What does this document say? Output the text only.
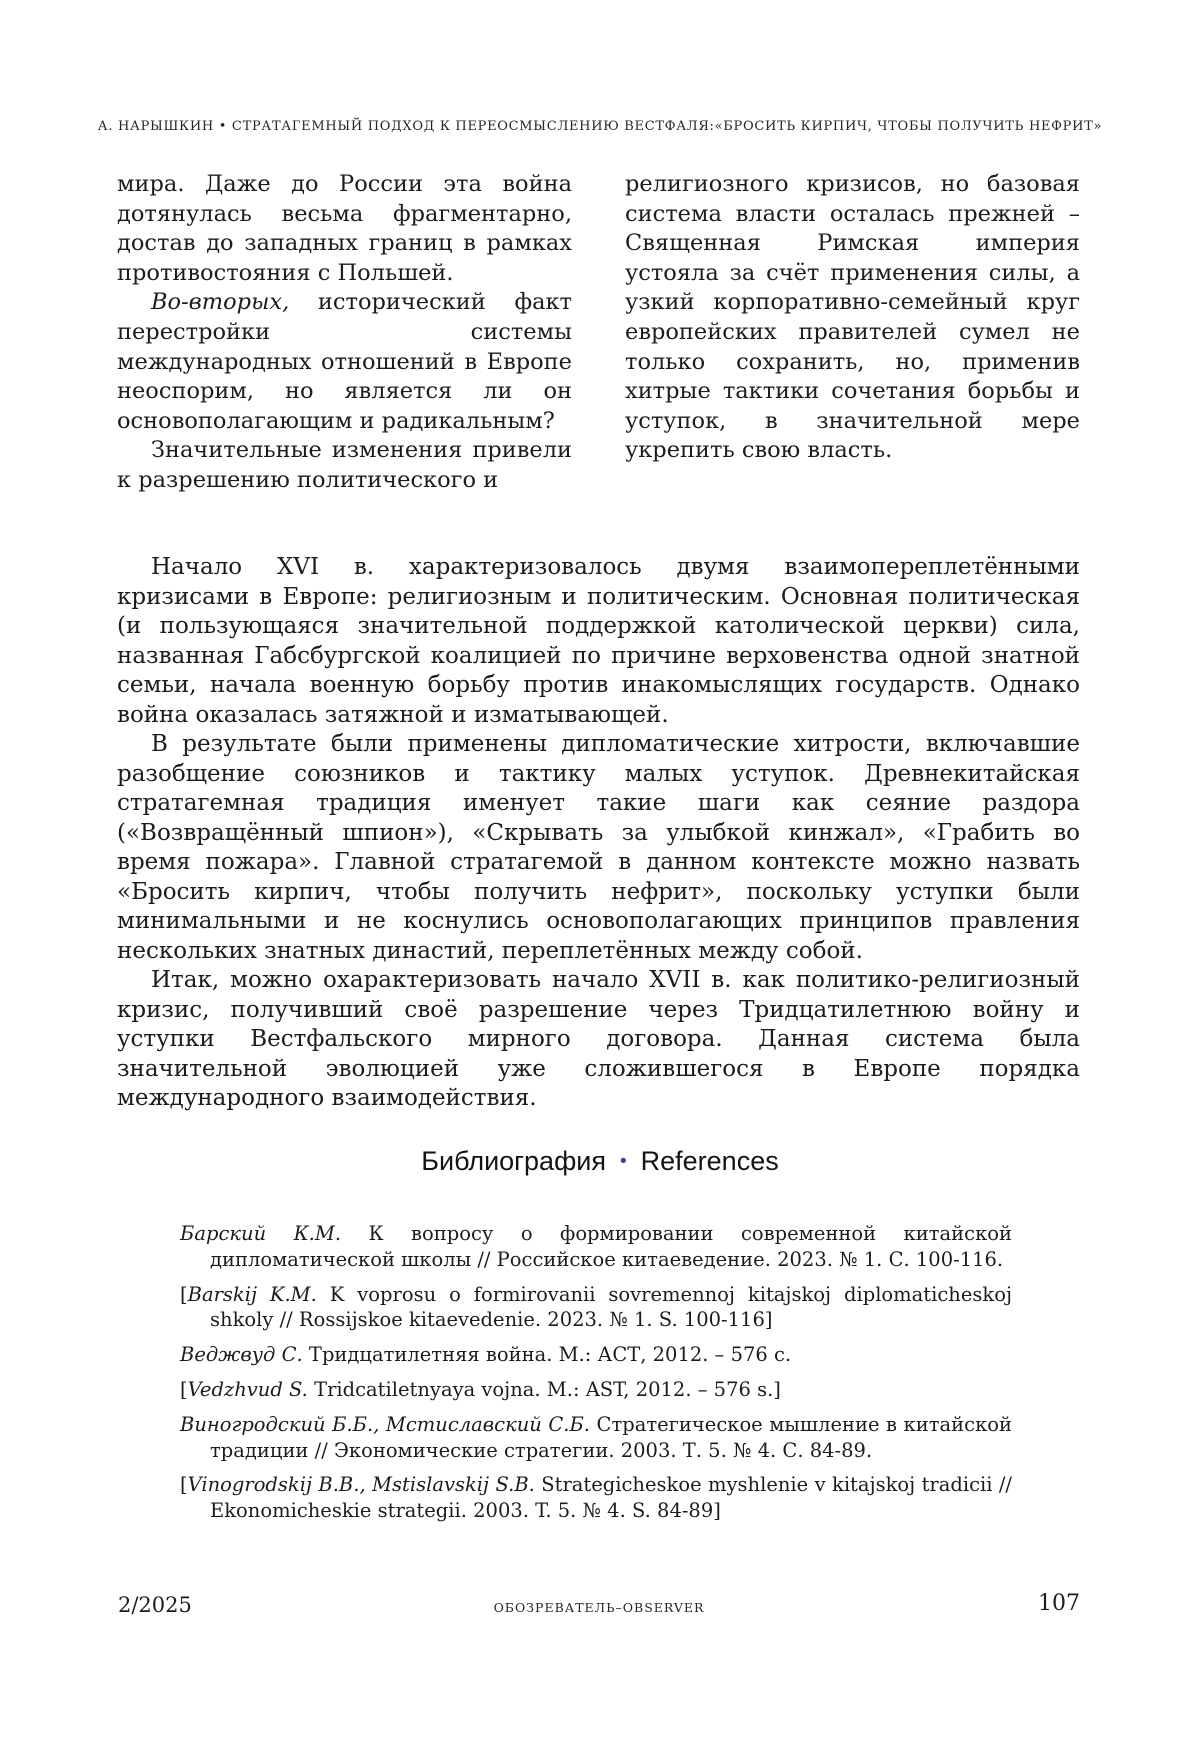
А. НАРЫШКИН • СТРАТАГЕМНЫЙ ПОДХОД К ПЕРЕОСМЫСЛЕНИЮ ВЕСТФАЛЯ:«БРОСИТЬ КИРПИЧ, ЧТОБЫ ПОЛУЧИТЬ НЕФРИТ»

мира. Даже до России эта война дотянулась весьма фрагментарно, достав до западных границ в рамках противостояния с Польшей.

Во-вторых, исторический факт перестройки системы международных отношений в Европе неоспорим, но является ли он основополагающим и радикальным?

Значительные изменения привели к разрешению политического и

религиозного кризисов, но базовая система власти осталась прежней – Священная Римская империя устояла за счёт применения силы, а узкий корпоративно-семейный круг европейских правителей сумел не только сохранить, но, применив хитрые тактики сочетания борьбы и уступок, в значительной мере укрепить свою власть.

Начало XVI в. характеризовалось двумя взаимопереплетёнными кризисами в Европе: религиозным и политическим. Основная политическая (и пользующаяся значительной поддержкой католической церкви) сила, названная Габсбургской коалицией по причине верховенства одной знатной семьи, начала военную борьбу против инакомыслящих государств. Однако война оказалась затяжной и изматывающей.

В результате были применены дипломатические хитрости, включавшие разобщение союзников и тактику малых уступок. Древнекитайская стратагемная традиция именует такие шаги как сеяние раздора («Возвращённый шпион»), «Скрывать за улыбкой кинжал», «Грабить во время пожара». Главной стратагемой в данном контексте можно назвать «Бросить кирпич, чтобы получить нефрит», поскольку уступки были минимальными и не коснулись основополагающих принципов правления нескольких знатных династий, переплетённых между собой.

Итак, можно охарактеризовать начало XVII в. как политико-религиозный кризис, получивший своё разрешение через Тридцатилетнюю войну и уступки Вестфальского мирного договора. Данная система была значительной эволюцией уже сложившегося в Европе порядка международного взаимодействия.

Библиография • References

Барский К.М. К вопросу о формировании современной китайской дипломатической школы // Российское китаеведение. 2023. № 1. С. 100-116.

[Barskij K.M. K voprosu o formirovanii sovremennoj kitajskoj diplomaticheskoj shkoly // Rossijskoe kitaevedenie. 2023. № 1. S. 100-116]

Веджвуд С. Тридцатилетняя война. М.: АСТ, 2012. – 576 с.

[Vedzhvud S. Tridcatiletnyaya vojna. M.: AST, 2012. – 576 s.]

Виногродский Б.Б., Мстиславский С.Б. Стратегическое мышление в китайской традиции // Экономические стратегии. 2003. Т. 5. № 4. С. 84-89.

[Vinogrodskij B.B., Mstislavskij S.B. Strategicheskoe myshlenie v kitajskoj tradicii // Ekonomicheskie strategii. 2003. T. 5. № 4. S. 84-89]

2/2025	ОБОЗРЕВАТЕЛЬ–OBSERVER	107
